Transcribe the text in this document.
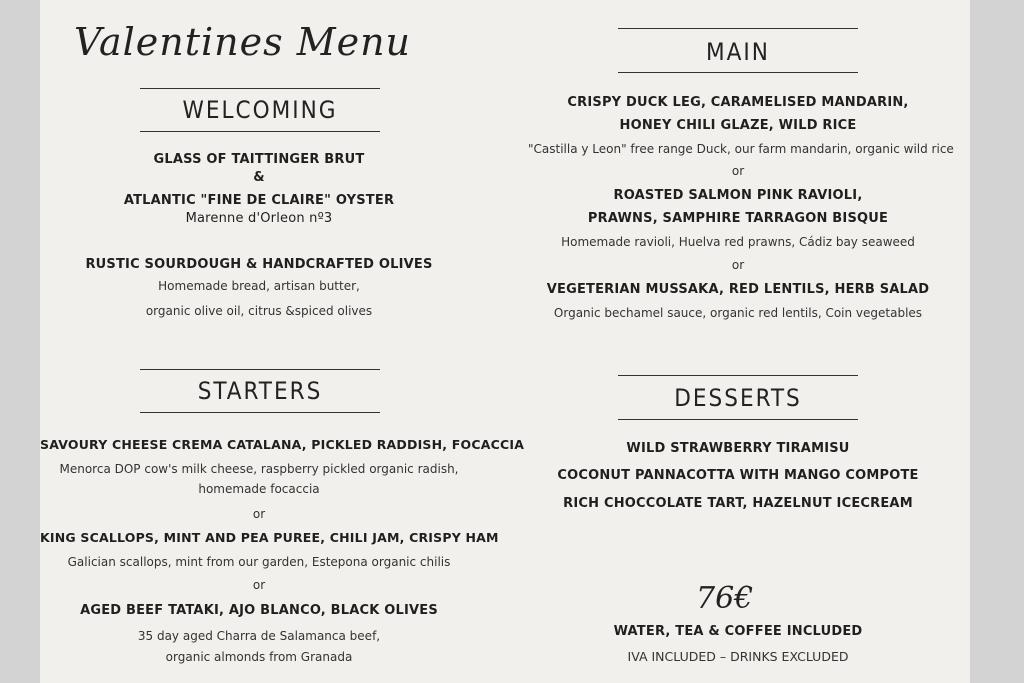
Valentines Menu
WELCOMING
GLASS OF TAITTINGER BRUT
&
ATLANTIC "FINE DE CLAIRE" OYSTER
Marenne d'Orleon nº3
RUSTIC SOURDOUGH & HANDCRAFTED OLIVES
Homemade bread, artisan butter,
organic olive oil, citrus &spiced olives
STARTERS
SAVOURY CHEESE CREMA CATALANA, PICKLED RADDISH, FOCACCIA
Menorca DOP cow's milk cheese, raspberry pickled organic radish,
homemade focaccia
or
KING SCALLOPS, MINT AND PEA PUREE, CHILI JAM, CRISPY HAM
Galician scallops, mint from our garden, Estepona organic chilis
or
AGED BEEF TATAKI, AJO BLANCO, BLACK OLIVES
35 day aged Charra de Salamanca beef,
organic almonds from Granada
MAIN
CRISPY DUCK LEG, CARAMELISED MANDARIN,
HONEY CHILI GLAZE, WILD RICE
"Castilla y Leon" free range Duck, our farm mandarin, organic wild rice
or
ROASTED SALMON PINK RAVIOLI,
PRAWNS, SAMPHIRE TARRAGON BISQUE
Homemade ravioli, Huelva red prawns, Cádiz bay seaweed
or
VEGETERIAN MUSSAKA, RED LENTILS, HERB SALAD
Organic bechamel sauce, organic red lentils, Coin vegetables
DESSERTS
WILD STRAWBERRY TIRAMISU
COCONUT PANNACOTTA WITH MANGO COMPOTE
RICH CHOCCOLATE TART, HAZELNUT ICECREAM
76€
WATER, TEA & COFFEE INCLUDED
IVA INCLUDED – DRINKS EXCLUDED
